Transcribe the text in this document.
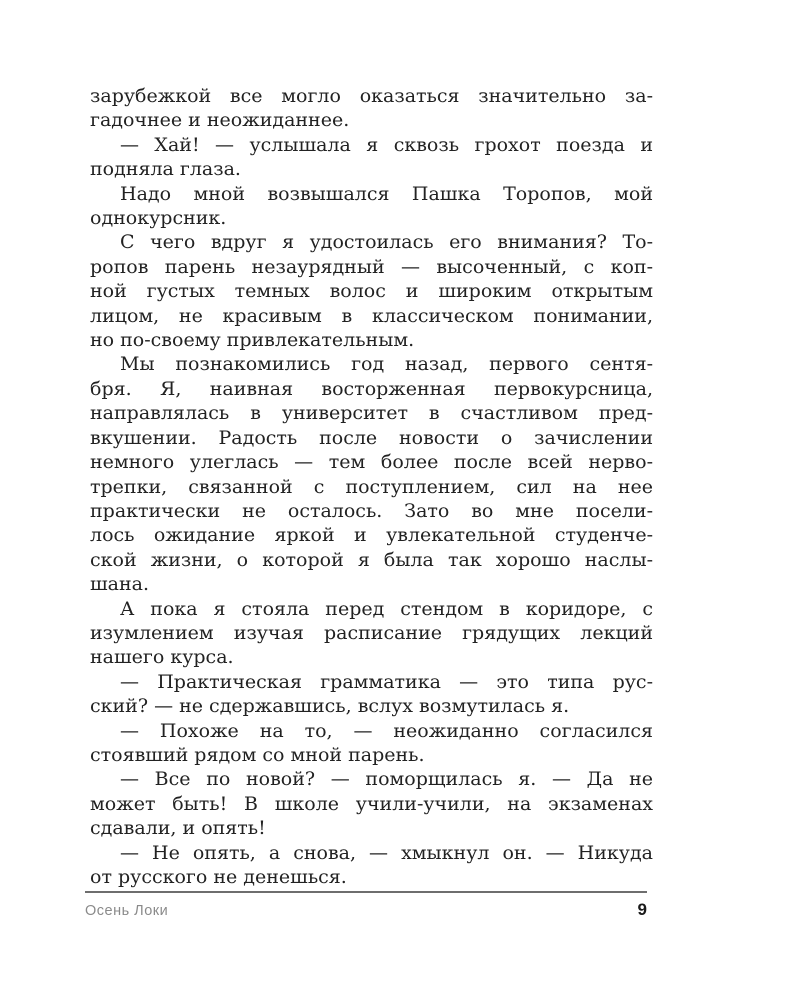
зарубежкой все могло оказаться значительно за-
гадочнее и неожиданнее.
— Хай! — услышала я сквозь грохот поезда и
подняла глаза.
Надо мной возвышался Пашка Торопов, мой
однокурсник.
С чего вдруг я удостоилась его внимания? То-
ропов парень незаурядный — высоченный, с коп-
ной густых темных волос и широким открытым
лицом, не красивым в классическом понимании,
но по-своему привлекательным.
Мы познакомились год назад, первого сентя-
бря. Я, наивная восторженная первокурсница,
направлялась в университет в счастливом пред-
вкушении. Радость после новости о зачислении
немного улеглась — тем более после всей нерво-
трепки, связанной с поступлением, сил на нее
практически не осталось. Зато во мне посели-
лось ожидание яркой и увлекательной студенче-
ской жизни, о которой я была так хорошо наслы-
шана.
А пока я стояла перед стендом в коридоре, с
изумлением изучая расписание грядущих лекций
нашего курса.
— Практическая грамматика — это типа рус-
ский? — не сдержавшись, вслух возмутилась я.
— Похоже на то, — неожиданно согласился
стоявший рядом со мной парень.
— Все по новой? — поморщилась я. — Да не
может быть! В школе учили-учили, на экзаменах
сдавали, и опять!
— Не опять, а снова, — хмыкнул он. — Никуда
от русского не денешься.
Осень Локи	9
